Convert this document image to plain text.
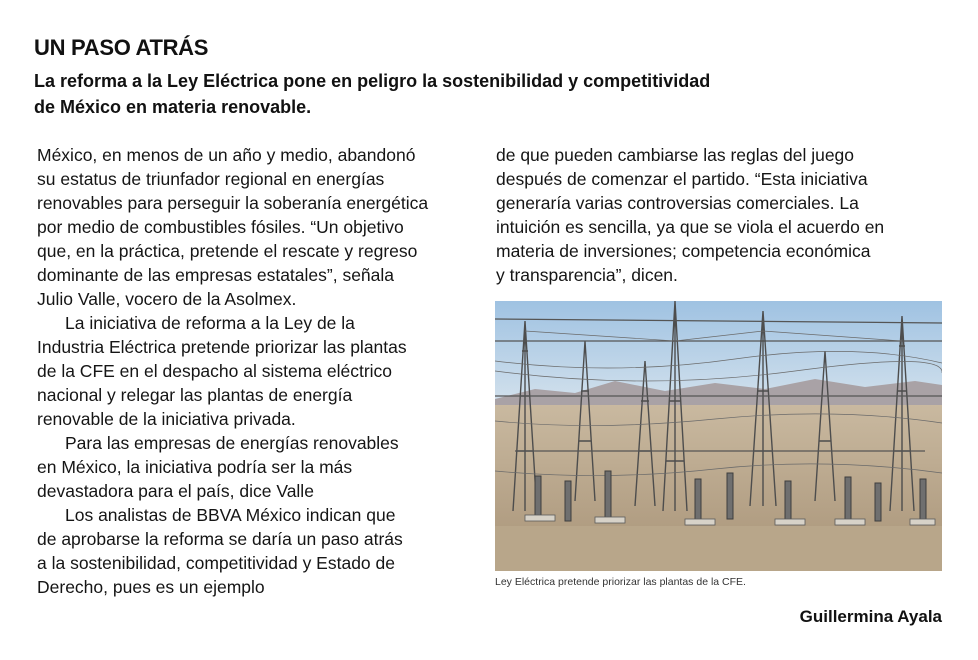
UN PASO ATRÁS
La reforma a la Ley Eléctrica pone en peligro la sostenibilidad y competitividad
de México en materia renovable.

México, en menos de un año y medio, abandonó
su estatus de triunfador regional en energías
renovables para perseguir la soberanía energética
por medio de combustibles fósiles. “Un objetivo
que, en la práctica, pretende el rescate y regreso
dominante de las empresas estatales”, señala
Julio Valle, vocero de la Asolmex.

La iniciativa de reforma a la Ley de la
Industria Eléctrica pretende priorizar las plantas
de la CFE en el despacho al sistema eléctrico
nacional y relegar las plantas de energía
renovable de la iniciativa privada.

Para las empresas de energías renovables
en México, la iniciativa podría ser la más
devastadora para el país, dice Valle

Los analistas de BBVA México indican que
de aprobarse la reforma se daría un paso atrás
a la sostenibilidad, competitividad y Estado de
Derecho, pues es un ejemplo

de que pueden cambiarse las reglas del juego
después de comenzar el partido. “Esta iniciativa
generaría varias controversias comerciales. La
intuición es sencilla, ya que se viola el acuerdo en
materia de inversiones; competencia económica
y transparencia”, dicen.

Ley Eléctrica pretende priorizar las plantas de la CFE.

Guillermina Ayala
